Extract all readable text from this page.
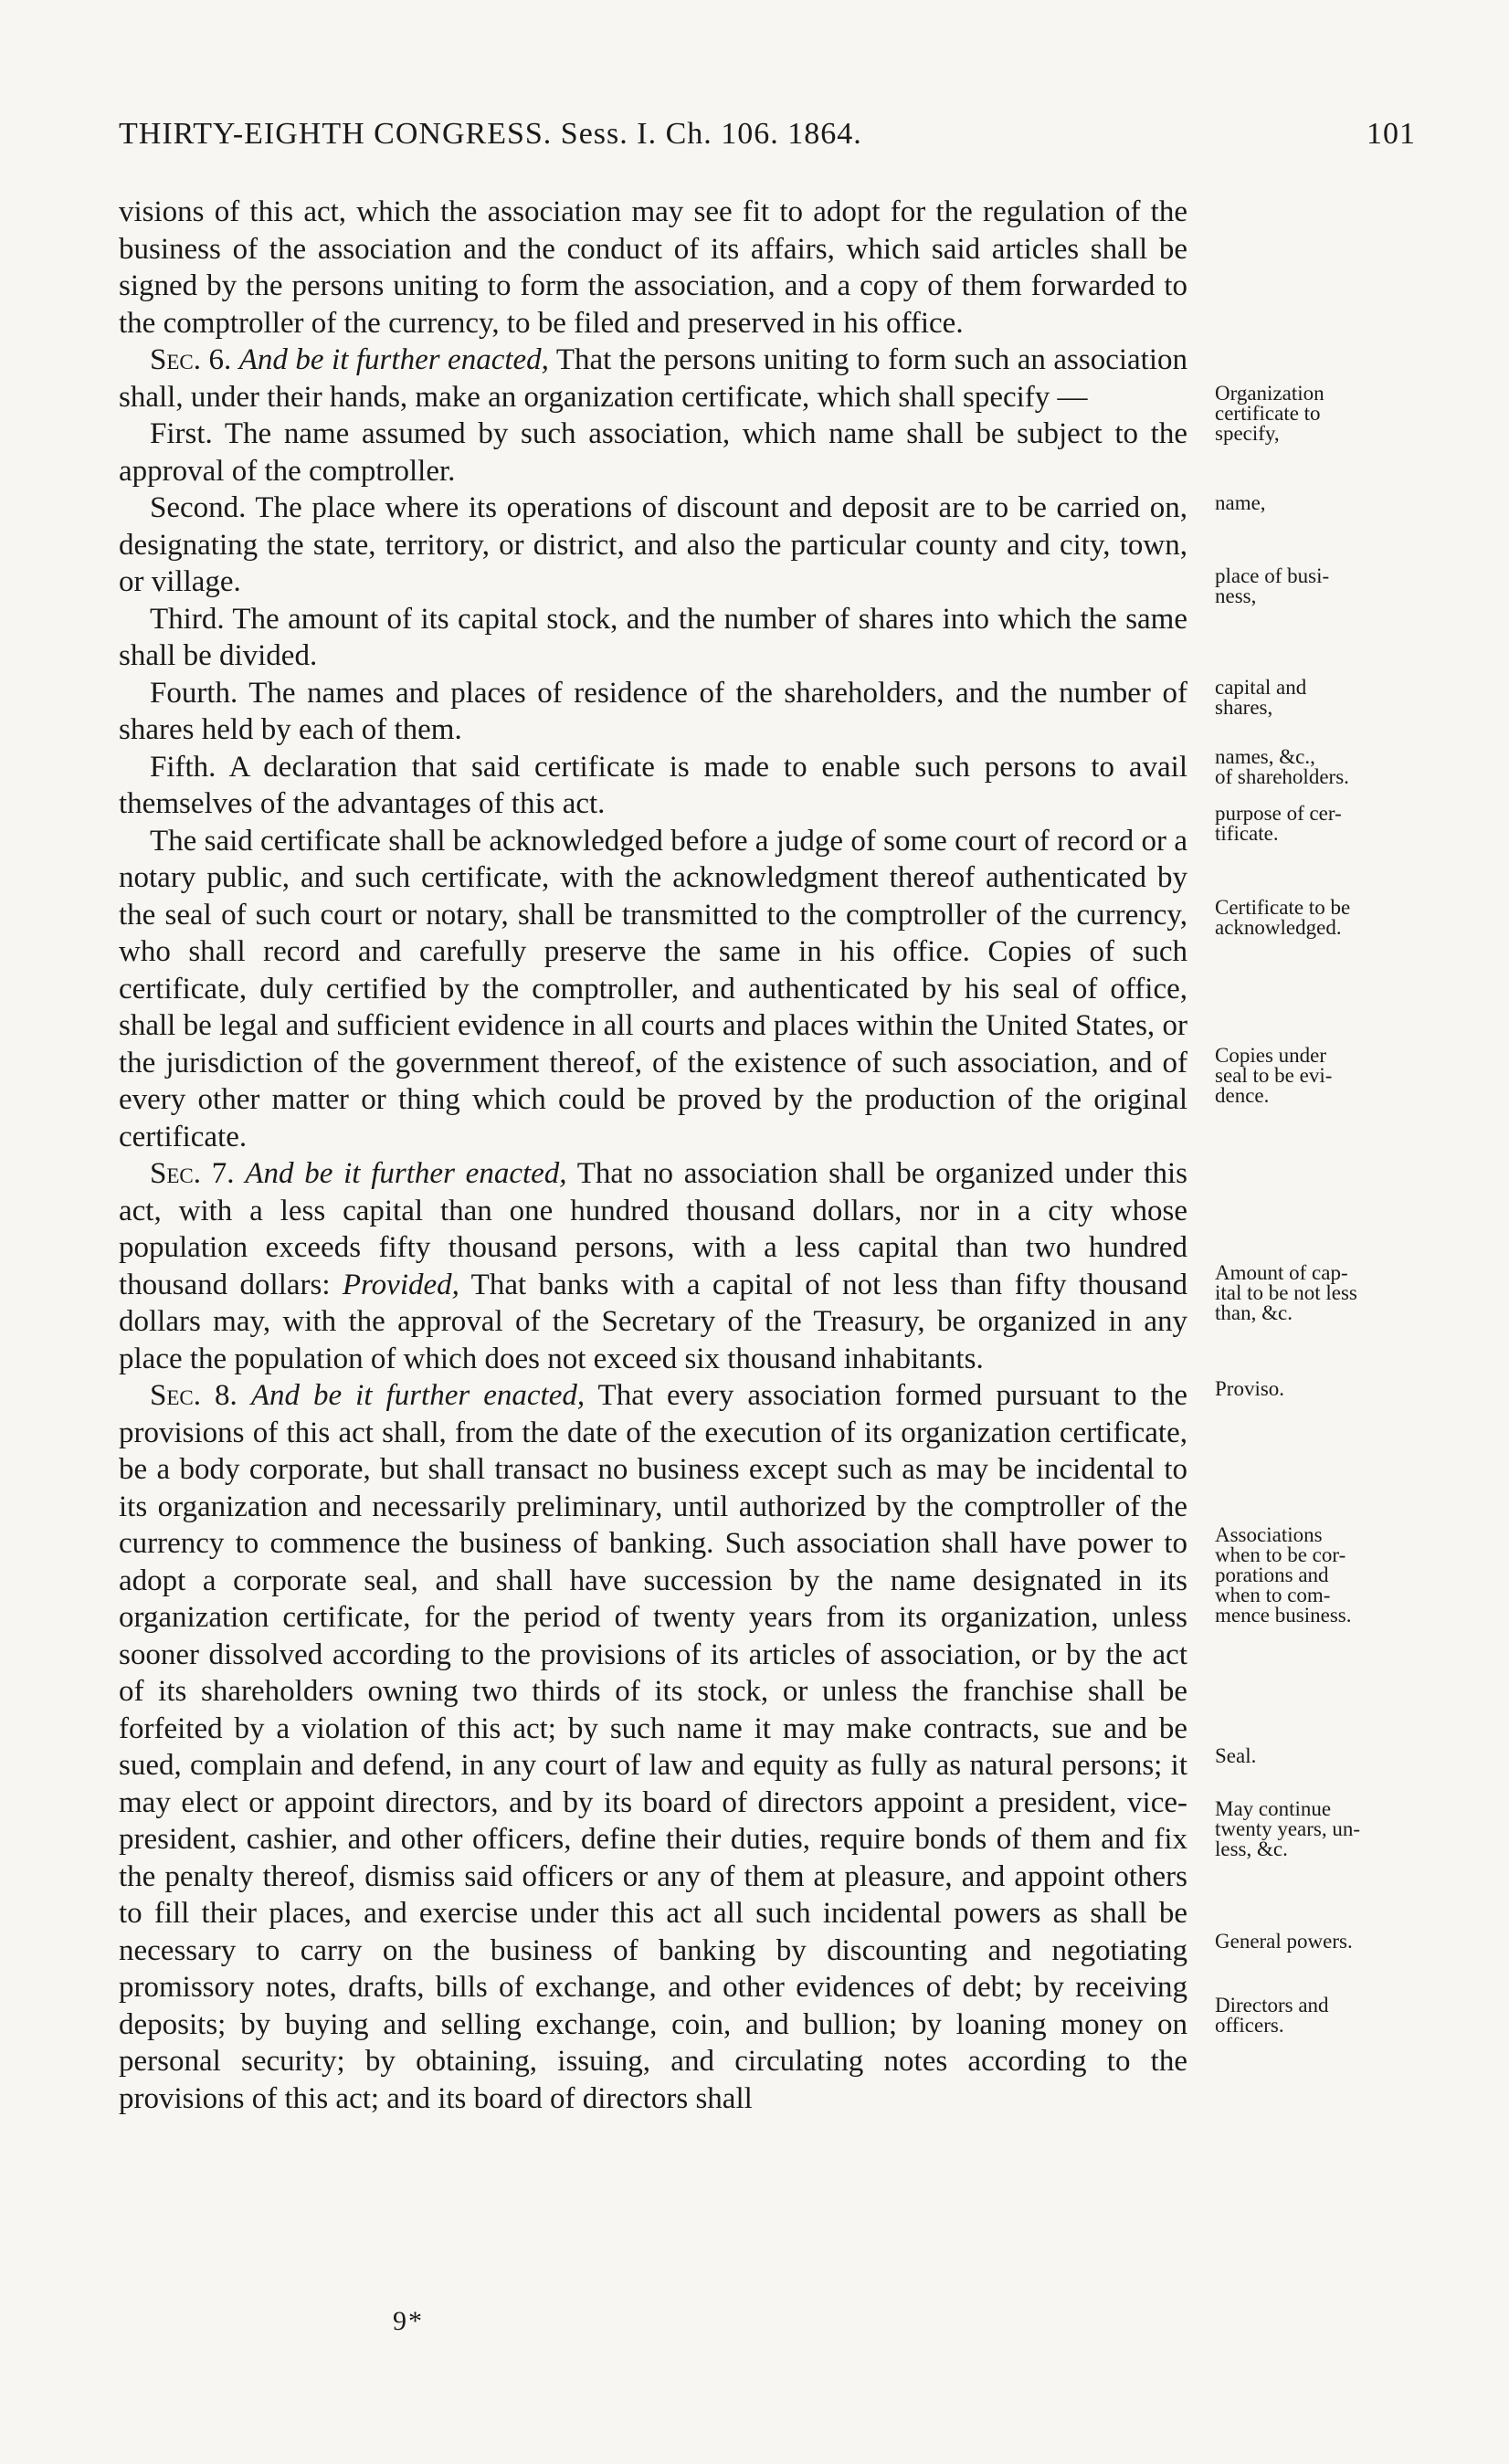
THIRTY-EIGHTH CONGRESS. Sess. I. Ch. 106. 1864.	101

visions of this act, which the association may see fit to adopt for the regulation of the business of the association and the conduct of its affairs, which said articles shall be signed by the persons uniting to form the association, and a copy of them forwarded to the comptroller of the currency, to be filed and preserved in his office.

Sec. 6. And be it further enacted, That the persons uniting to form such an association shall, under their hands, make an organization certificate, which shall specify —

First. The name assumed by such association, which name shall be subject to the approval of the comptroller.

Second. The place where its operations of discount and deposit are to be carried on, designating the state, territory, or district, and also the particular county and city, town, or village.

Third. The amount of its capital stock, and the number of shares into which the same shall be divided.

Fourth. The names and places of residence of the shareholders, and the number of shares held by each of them.

Fifth. A declaration that said certificate is made to enable such persons to avail themselves of the advantages of this act.

The said certificate shall be acknowledged before a judge of some court of record or a notary public, and such certificate, with the acknowledgment thereof authenticated by the seal of such court or notary, shall be transmitted to the comptroller of the currency, who shall record and carefully preserve the same in his office. Copies of such certificate, duly certified by the comptroller, and authenticated by his seal of office, shall be legal and sufficient evidence in all courts and places within the United States, or the jurisdiction of the government thereof, of the existence of such association, and of every other matter or thing which could be proved by the production of the original certificate.

Sec. 7. And be it further enacted, That no association shall be organized under this act, with a less capital than one hundred thousand dollars, nor in a city whose population exceeds fifty thousand persons, with a less capital than two hundred thousand dollars: Provided, That banks with a capital of not less than fifty thousand dollars may, with the approval of the Secretary of the Treasury, be organized in any place the population of which does not exceed six thousand inhabitants.

Sec. 8. And be it further enacted, That every association formed pursuant to the provisions of this act shall, from the date of the execution of its organization certificate, be a body corporate, but shall transact no business except such as may be incidental to its organization and necessarily preliminary, until authorized by the comptroller of the currency to commence the business of banking. Such association shall have power to adopt a corporate seal, and shall have succession by the name designated in its organization certificate, for the period of twenty years from its organization, unless sooner dissolved according to the provisions of its articles of association, or by the act of its shareholders owning two thirds of its stock, or unless the franchise shall be forfeited by a violation of this act; by such name it may make contracts, sue and be sued, complain and defend, in any court of law and equity as fully as natural persons; it may elect or appoint directors, and by its board of directors appoint a president, vice-president, cashier, and other officers, define their duties, require bonds of them and fix the penalty thereof, dismiss said officers or any of them at pleasure, and appoint others to fill their places, and exercise under this act all such incidental powers as shall be necessary to carry on the business of banking by discounting and negotiating promissory notes, drafts, bills of exchange, and other evidences of debt; by receiving deposits; by buying and selling exchange, coin, and bullion; by loaning money on personal security; by obtaining, issuing, and circulating notes according to the provisions of this act; and its board of directors shall

Organization
certificate to
specify,
name,
place of busi-
ness,
capital and
shares,
names, &c.,
of shareholders.
purpose of cer-
tificate.
Certificate to be
acknowledged.
Copies under
seal to be evi-
dence.
Amount of cap-
ital to be not less
than, &c.
Proviso.
Associations
when to be cor-
porations and
when to com-
mence business.
Seal.
May continue
twenty years, un-
less, &c.
General powers.
Directors and
officers.
9*
